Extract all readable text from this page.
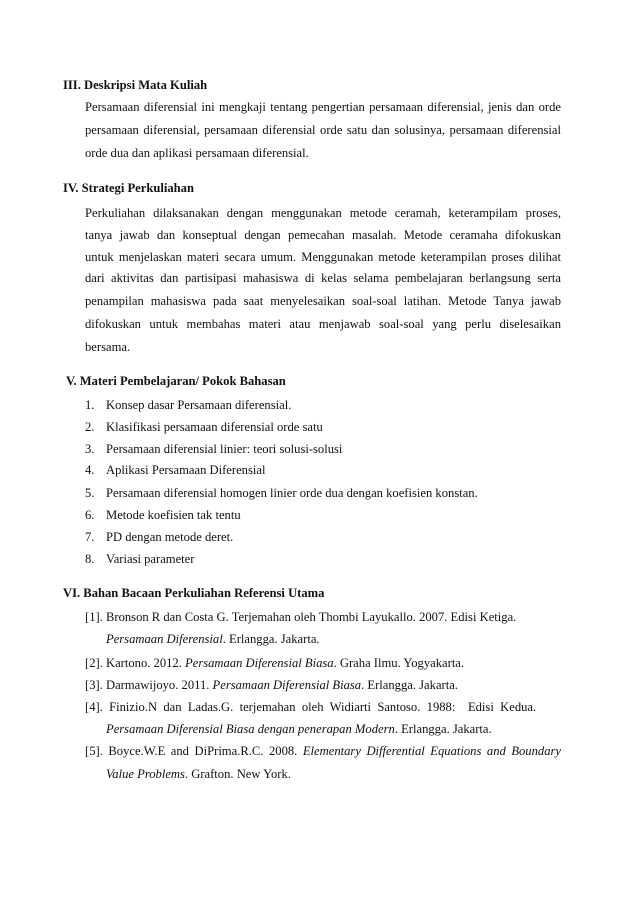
III. Deskripsi Mata Kuliah
Persamaan diferensial ini mengkaji tentang pengertian persamaan diferensial, jenis dan orde
persamaan diferensial, persamaan diferensial orde satu dan solusinya, persamaan diferensial
orde dua dan aplikasi persamaan diferensial.
IV. Strategi Perkuliahan
Perkuliahan dilaksanakan dengan menggunakan metode ceramah, keterampilam proses,
tanya jawab dan konseptual dengan pemecahan masalah. Metode ceramaha difokuskan
untuk menjelaskan materi secara umum. Menggunakan metode keterampilan proses dilihat
dari aktivitas dan partisipasi mahasiswa di kelas selama pembelajaran berlangsung serta
penampilan mahasiswa pada saat menyelesaikan soal-soal latihan. Metode Tanya jawab
difokuskan untuk membahas materi atau menjawab soal-soal yang perlu diselesaikan
bersama.
V. Materi Pembelajaran/ Pokok Bahasan
1. Konsep dasar Persamaan diferensial.
2. Klasifikasi persamaan diferensial orde satu
3. Persamaan diferensial linier: teori solusi-solusi
4. Aplikasi Persamaan Diferensial
5. Persamaan diferensial homogen linier orde dua dengan koefisien konstan.
6. Metode koefisien tak tentu
7. PD dengan metode deret.
8. Variasi parameter
VI. Bahan Bacaan Perkuliahan Referensi Utama
[1]. Bronson R dan Costa G. Terjemahan oleh Thombi Layukallo. 2007. Edisi Ketiga.
Persamaan Diferensial. Erlangga. Jakarta.
[2]. Kartono. 2012. Persamaan Diferensial Biasa. Graha Ilmu. Yogyakarta.
[3]. Darmawijoyo. 2011. Persamaan Diferensial Biasa. Erlangga. Jakarta.
[4].  Finizio.N  dan  Ladas.G.  terjemahan  oleh  Widiarti  Santoso.  1988:    Edisi  Kedua.
Persamaan Diferensial Biasa dengan penerapan Modern. Erlangga. Jakarta.
[5]. Boyce.W.E and DiPrima.R.C. 2008. Elementary Differential Equations and Boundary
Value Problems. Grafton. New York.
